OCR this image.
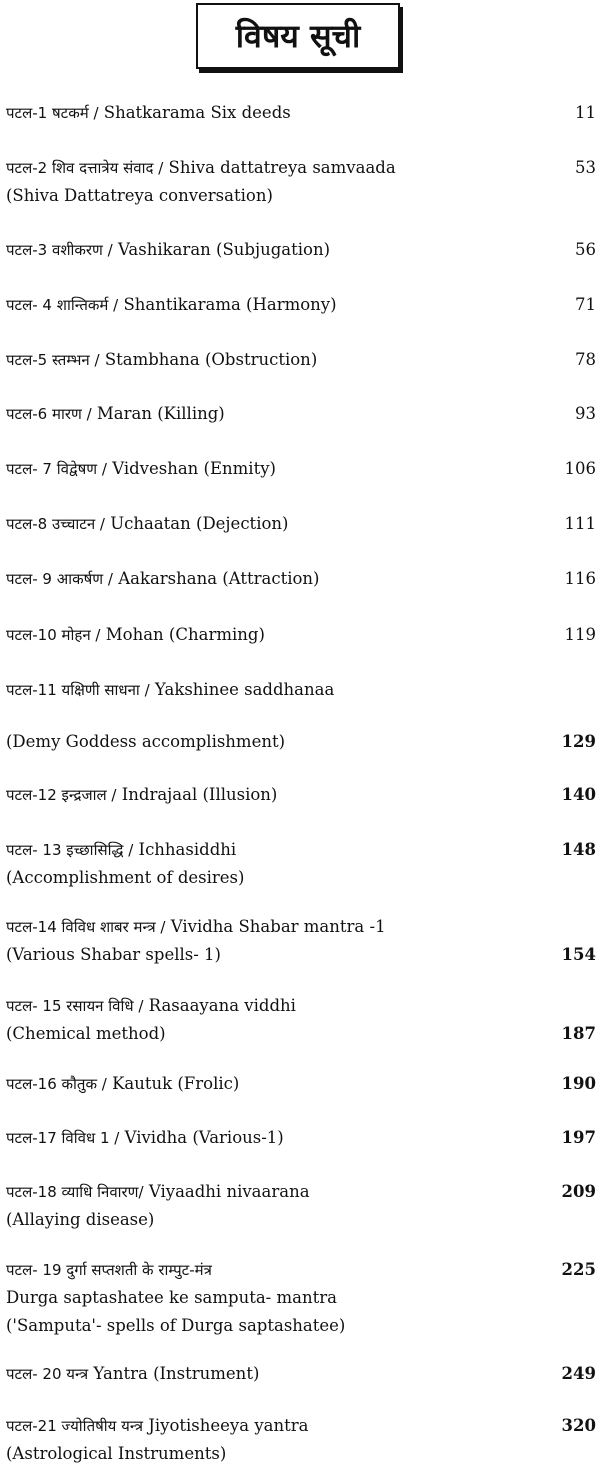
विषय सूची
पटल-1 षटकर्म / Shatkarama Six deeds	11
पटल-2 शिव दत्तात्रेय संवाद / Shiva dattatreya samvaada	53
(Shiva Dattatreya conversation)
पटल-3 वशीकरण / Vashikaran (Subjugation)	56
पटल- 4 शान्तिकर्म / Shantikarama (Harmony)	71
पटल-5 स्तम्भन / Stambhana (Obstruction)	78
पटल-6 मारण / Maran (Killing)	93
पटल- 7 विद्वेषण / Vidveshan (Enmity)	106
पटल-8 उच्चाटन / Uchaatan (Dejection)	111
पटल- 9 आकर्षण / Aakarshana (Attraction)	116
पटल-10 मोहन / Mohan (Charming)	119
पटल-11 यक्षिणी साधना / Yakshinee saddhanaa
(Demy Goddess accomplishment)	129
पटल-12 इन्द्रजाल / Indrajaal (Illusion)	140
पटल- 13 इच्छासिद्धि / Ichhasiddhi	148
(Accomplishment of desires)
पटल-14 विविध शाबर मन्त्र / Vividha Shabar mantra -1
(Various Shabar spells- 1)	154
पटल- 15 रसायन विधि / Rasaayana viddhi
(Chemical method)	187
पटल-16 कौतुक / Kautuk (Frolic)	190
पटल-17 विविध 1 / Vividha (Various-1)	197
पटल-18 व्याधि निवारण/ Viyaadhi nivaarana	209
(Allaying disease)
पटल- 19 दुर्गा सप्तशती के राम्पुट-मंत्र	225
Durga saptashatee ke samputa- mantra
('Samputa'- spells of Durga saptashatee)
पटल- 20 यन्त्र Yantra (Instrument)	249
पटल-21 ज्योतिषीय यन्त्र Jiyotisheeya yantra	320
(Astrological Instruments)
